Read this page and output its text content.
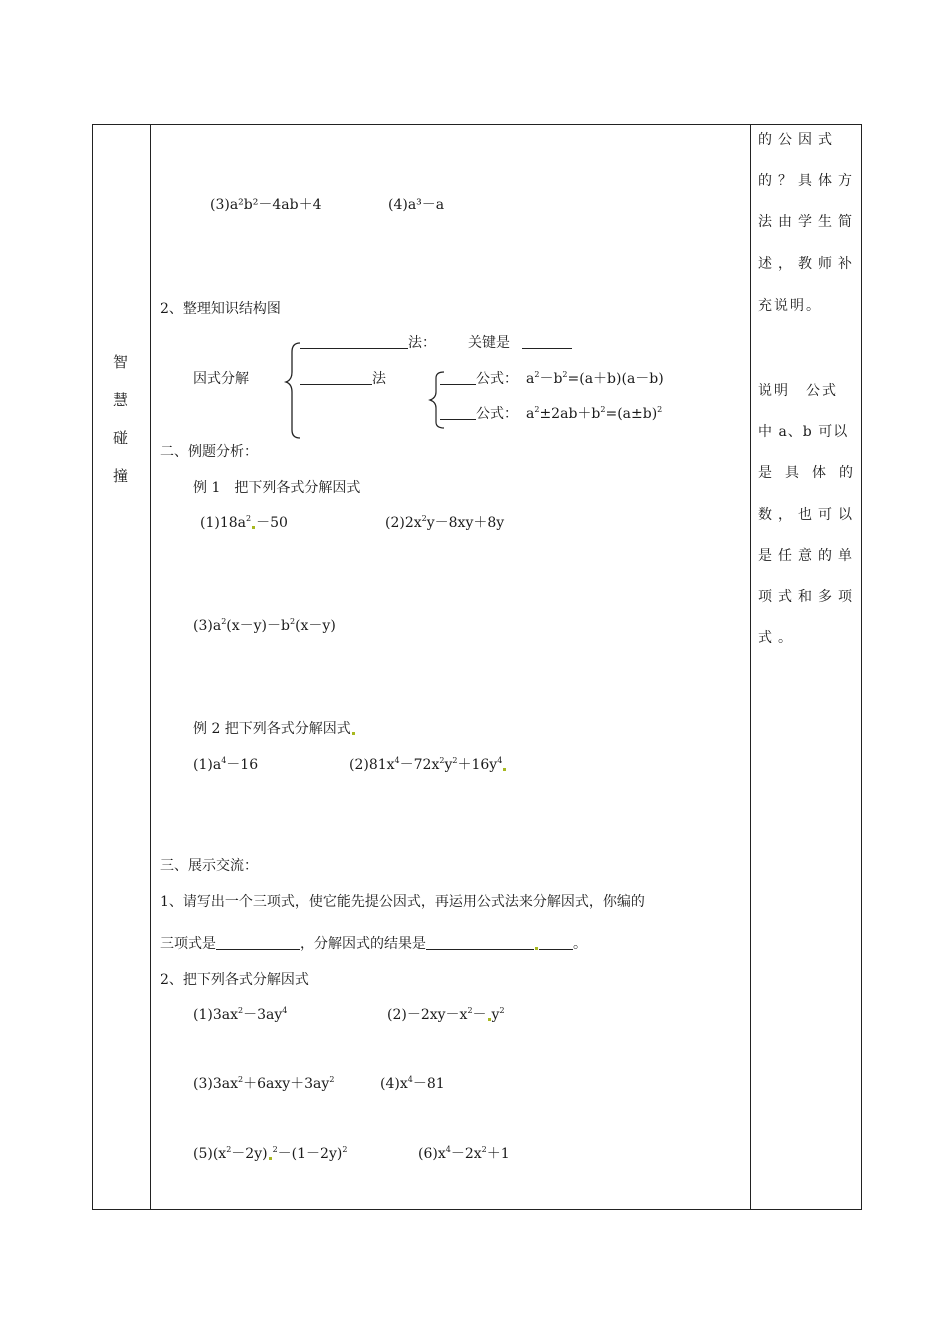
智
慧
碰
撞
的公因式
的？具体方
法由学生简
述，教师补
充说明。
说明　公式
中 a、b 可以
是具体的
数，也可以
是任意的单
项式和多项
式。
(3)a²b²－4ab＋4	(4)a³－a
2、整理知识结构图
法： 关键是
因式分解	法	公式： $a^2-b^2=(a+b)(a-b)$
公式： $a^2\pm 2ab+b^2=(a\pm b)^2$
二、例题分析：
例 1　把下列各式分解因式
$(1)18a^2 -50$	$(2)2x^2y-8xy+8y$
$(3)a^2(x-y)-b^2(x-y)$
例 2 把下列各式分解因式
$(1)a^4-16$	$(2)81x^4-72x^2y^2+16y^4$
三、展示交流：
1、请写出一个三项式，使它能先提公因式，再运用公式法来分解因式，你编的
三项式是	，分解因式的结果是	。
2、把下列各式分解因式
$(1)3ax^2-3ay^4$	$(2)-2xy-x^2- y^2$
$(3)3ax^2+6axy+3ay^2$	$(4)x^4-81$
$(5)(x^2-2y)$ $^2-(1-2y)^2$	$(6)x^4-2x^2+1$
